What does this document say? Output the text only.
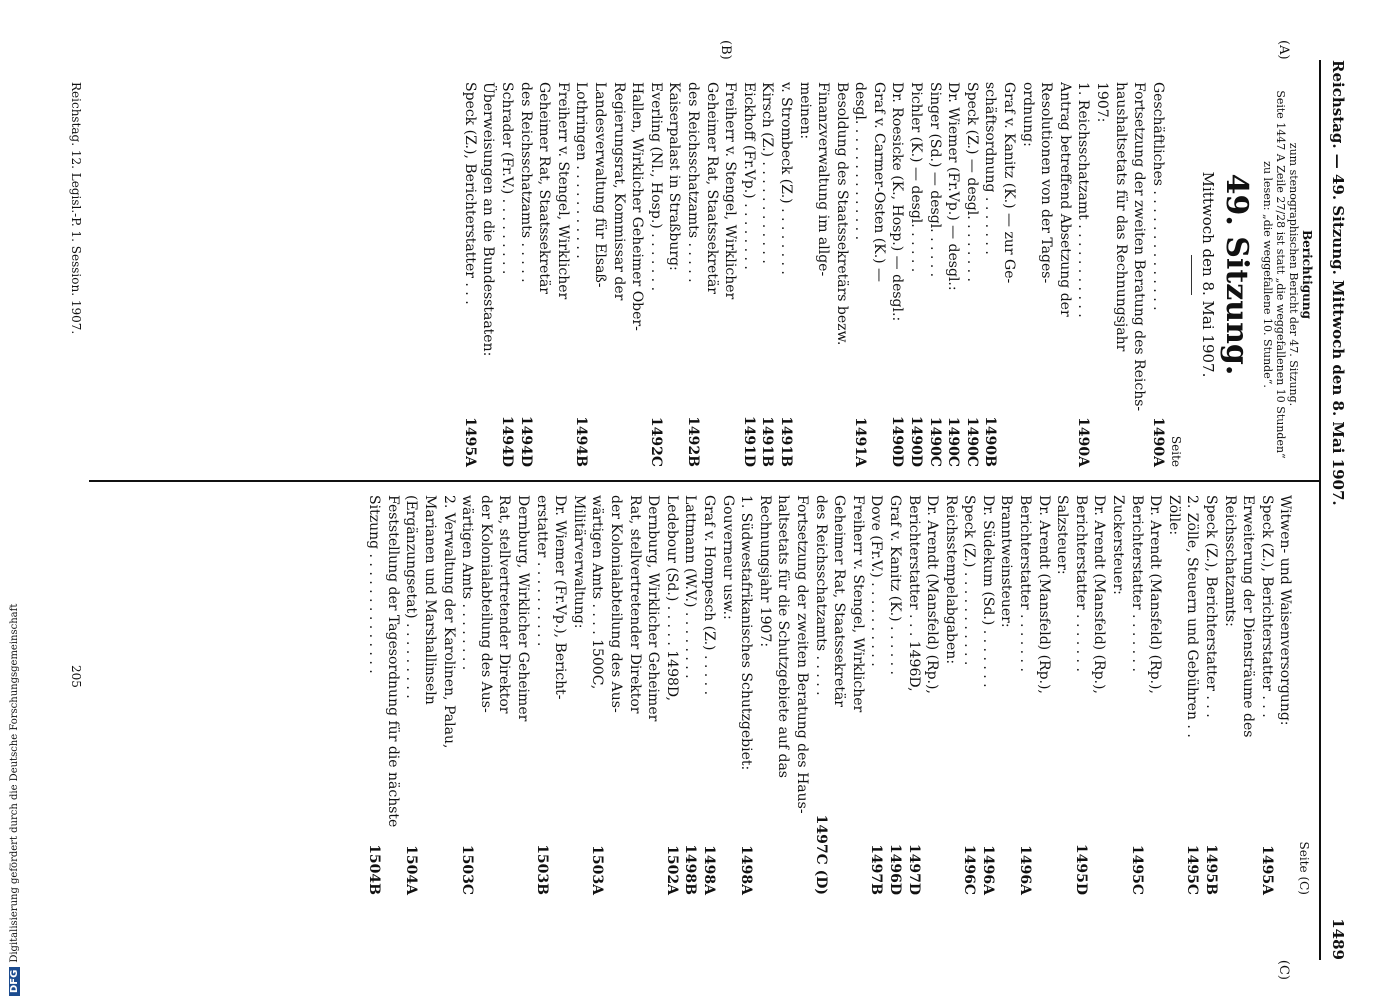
Reichstag. — 49. Sitzung. Mittwoch den 8. Mai 1907.
1489
(A)
(B)
(C)
Berichtigung
zum stenographischen Bericht der 47. Sitzung.
Seite 1447 A Zeile 27/28 ist statt „die weggefallenen 10 Stunden“
zu lesen: „die weggefallene 10. Stunde“.
49. Sitzung.
Mittwoch den 8. Mai 1907.
Seite
Geschäftliches . . . . . . . . . . . . . .
1490A
Fortsetzung der zweiten Beratung des Reichs-
haushaltsetats für das Rechnungsjahr
1907:
1. Reichsschatzamt . . . . . . . . . . .
1490A
Antrag betreffend Absetzung der
Resolutionen von der Tages-
ordnung:
Graf v. Kanitz (K.) — zur Ge-
schäftsordnung . . . . . . .
1490B
Speck (Z.) — desgl. . . . . . . .
1490C
Dr. Wiemer (Fr.Vp.) — desgl.:
1490C
Singer (Sd.) — desgl. . . . . .
1490C
Pichler (K.) — desgl. . . . . .
1490D
Dr. Roesicke (K., Hosp.) — desgl.:
1490D
Graf v. Carmer-Osten (K.) —
desgl. . . . . . . . . . . . . .
1491A
Besoldung des Staatssekretärs bezw.
Finanzverwaltung im allge-
meinen:
v. Strombeck (Z.) . . . . . . . .
1491B
Kirsch (Z.) . . . . . . . . . . . .
1491B
Eickhoff (Fr.Vp.) . . . . . . . .
1491D
Freiherr v. Stengel, Wirklicher
Geheimer Rat, Staatssekretär
des Reichsschatzamts . . . . .
1492B
Kaiserpalast in Straßburg:
Everling (Nl., Hosp.) . . . . . . .
1492C
Hallen, Wirklicher Geheimer Ober-
Regierungsrat, Kommissar der
Landesverwaltung für Elsaß-
Lothringen . . . . . . . . . . .
1494B
Freiherr v. Stengel, Wirklicher
Geheimer Rat, Staatssekretär
des Reichsschatzamts . . . . .
1494D
Schrader (Fr.V.) . . . . . . . . .
1494D
Überweisungen an die Bundesstaaten:
Speck (Z.), Berichterstatter . . .
1495A
Seite (C)
Witwen- und Waisenversorgung:
Speck (Z.), Berichterstatter . . .
1495A
Erweiterung der Diensträume des
Reichsschatzamts:
Speck (Z.), Berichterstatter . . .
1495B
2. Zölle, Steuern und Gebühren . .
1495C
Zölle:
Dr. Arendt (Mansfeld) (Rp.),
Berichterstatter . . . . . . .
1495C
Zuckersteuer:
Dr. Arendt (Mansfeld) (Rp.),
Berichterstatter . . . . . . .
1495D
Salzsteuer:
Dr. Arendt (Mansfeld) (Rp.),
Berichterstatter . . . . . . .
1496A
Branntweinsteuer:
Dr. Südekum (Sd.) . . . . . . .
1496A
Speck (Z.) . . . . . . . . . . .
1496C
Reichsstempelabgaben:
Dr. Arendt (Mansfeld) (Rp.),
Berichterstatter . . . 1496D,
1497D
Graf v. Kanitz (K.) . . . . . .
1496D
Dove (Fr.V.) . . . . . . . . . .
1497B
Freiherr v. Stengel, Wirklicher
Geheimer Rat, Staatssekretär
des Reichsschatzamts . . . . .
1497C (D)
Fortsetzung der zweiten Beratung des Haus-
haltsetats für die Schutzgebiete auf das
Rechnungsjahr 1907:
1. Südwestafrikanisches Schutzgebiet:
1498A
Gouverneur usw.:
Graf v. Hompesch (Z.) . . . . .
1498A
Lattmann (W.V.) . . . . . . . .
1498B
Ledebour (Sd.) . . . . . 1498D,
1502A
Dernburg, Wirklicher Geheimer
Rat, stellvertretender Direktor
der Kolonialabteilung des Aus-
wärtigen Amts . . . . 1500C,
1503A
Militärverwaltung:
Dr. Wiemer (Fr.Vp.), Bericht-
erstatter . . . . . . . . . .
1503B
Dernburg, Wirklicher Geheimer
Rat, stellvertretender Direktor
der Kolonialabteilung des Aus-
wärtigen Amts . . . . . . . .
1503C
2. Verwaltung der Karolinen, Palau,
Marianen und Marshallinseln
(Ergänzungsetat) . . . . . . . . .
1504A
Feststellung der Tagesordnung für die nächste
Sitzung . . . . . . . . . . . . . .
1504B
Reichstag. 12. Legisl.-P. 1. Session. 1907.
205
DFGDigitalisierung gefördert durch die Deutsche Forschungsgemeinschaft
